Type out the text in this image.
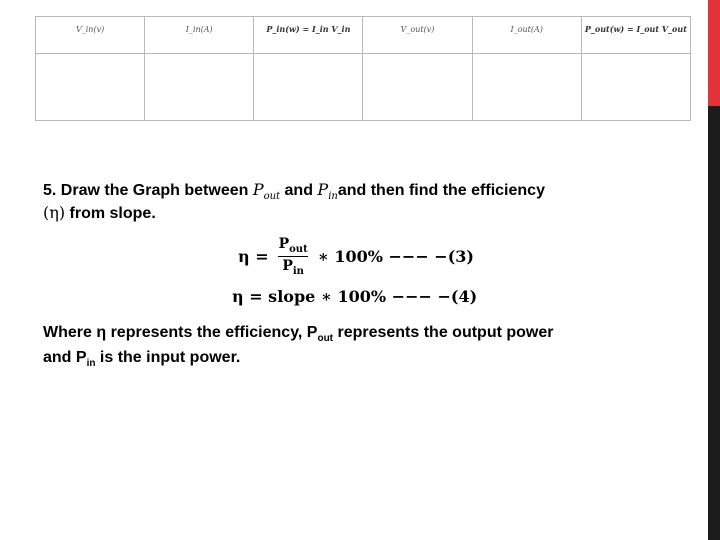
V_in(v)	I_in(A)	P_in(w) = I_in V_in	V_out(v)	I_out(A)	P_out(w) = I_out V_out

5. Draw the Graph between $P_{out}$ and $P_{in}and$ then find the efficiency
(η) from slope.
$\eta = \frac{P_{out}}{P_{in}}$ ∗ 100% −−− −(3)
η = slope ∗ 100% −−− −(4)
Where η represents the efficiency, $P_{out}$ represents the output power
and $P_{in}$ is the input power.
